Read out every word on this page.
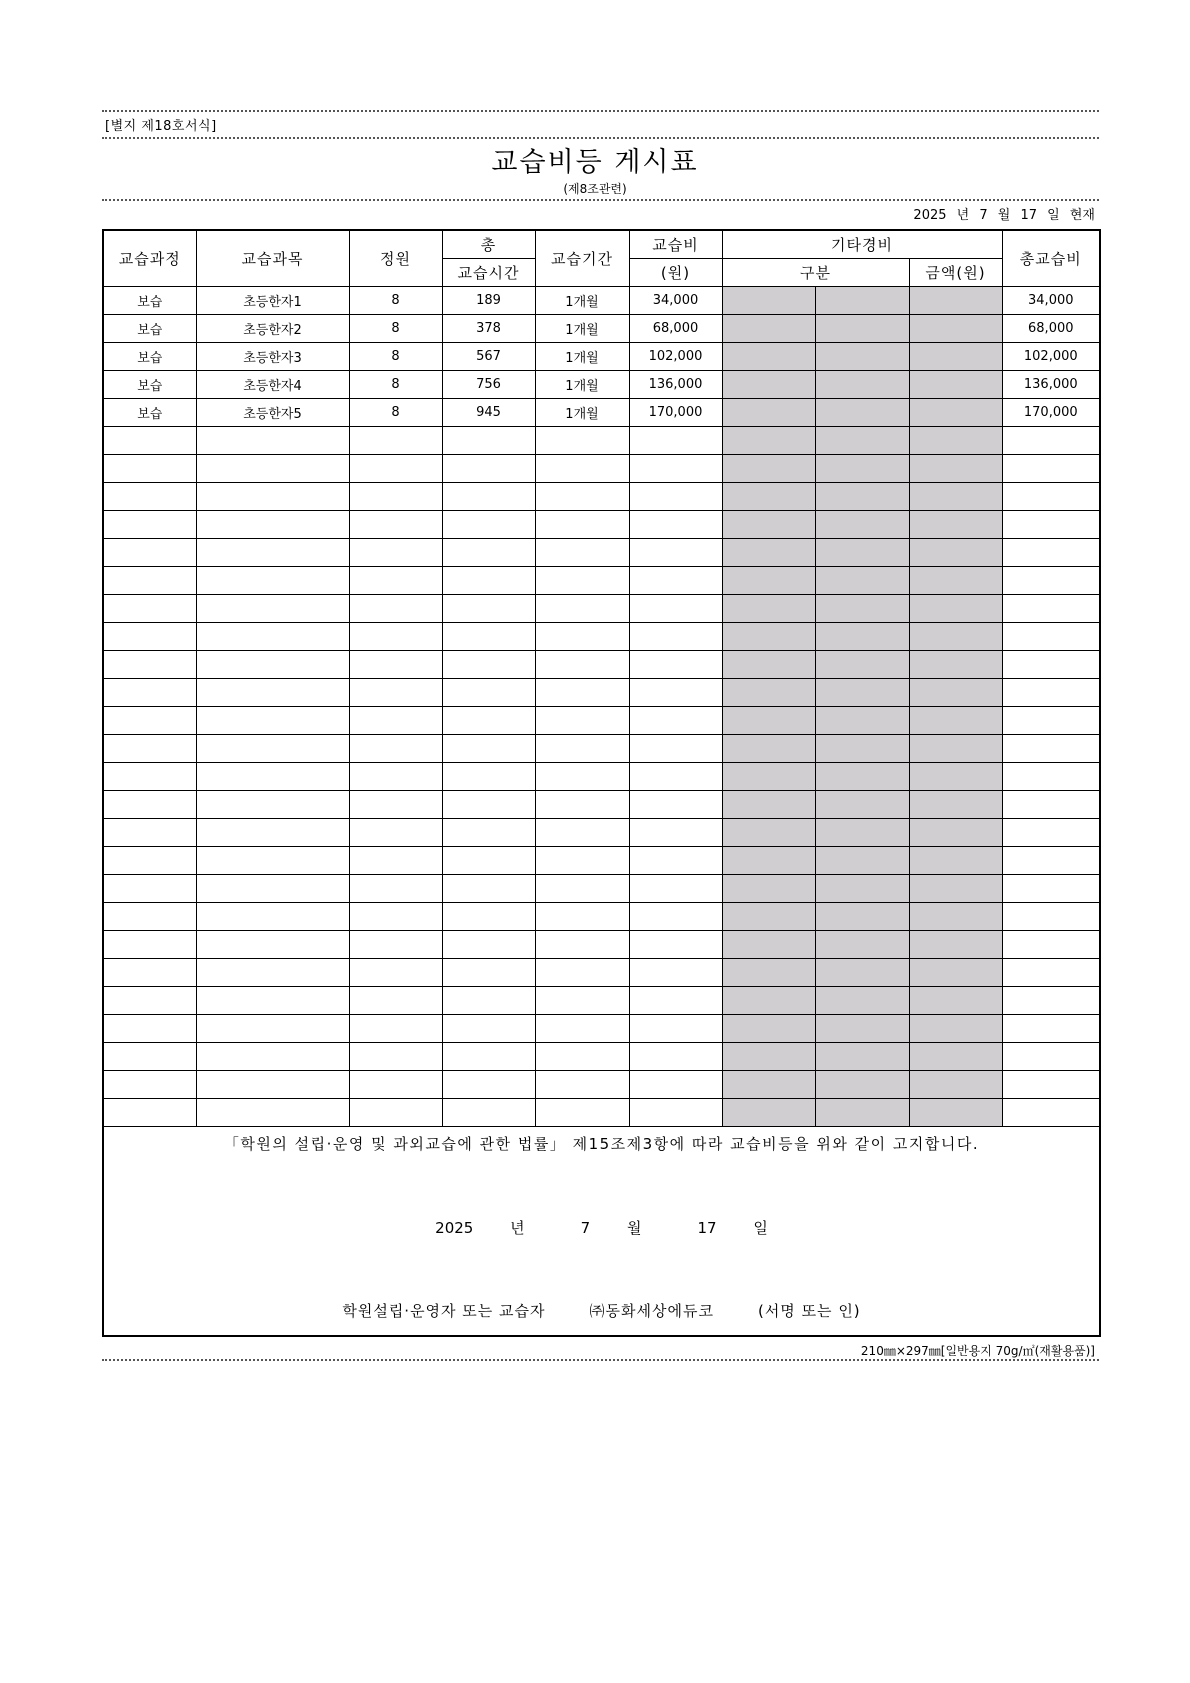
[별지 제18호서식]
교습비등 게시표
(제8조관련)
2025 년 7 월 17 일 현재
교습과정	교습과목	정원	총	교습기간	교습비	기타경비			총교습비
			교습시간		(원)	구분		금액(원)	
보습	초등한자1	8	189	1개월	34,000				34,000
보습	초등한자2	8	378	1개월	68,000				68,000
보습	초등한자3	8	567	1개월	102,000				102,000
보습	초등한자4	8	756	1개월	136,000				136,000
보습	초등한자5	8	945	1개월	170,000				170,000

「학원의 설립·운영 및 과외교습에 관한 법률」 제15조제3항에 따라 교습비등을 위와 같이 고지합니다.
2025 년 7 월 17 일
학원설립·운영자 또는 교습자 ㈜동화세상에듀코 (서명 또는 인)									
210㎜×297㎜[일반용지 70g/㎡(재활용품)]
